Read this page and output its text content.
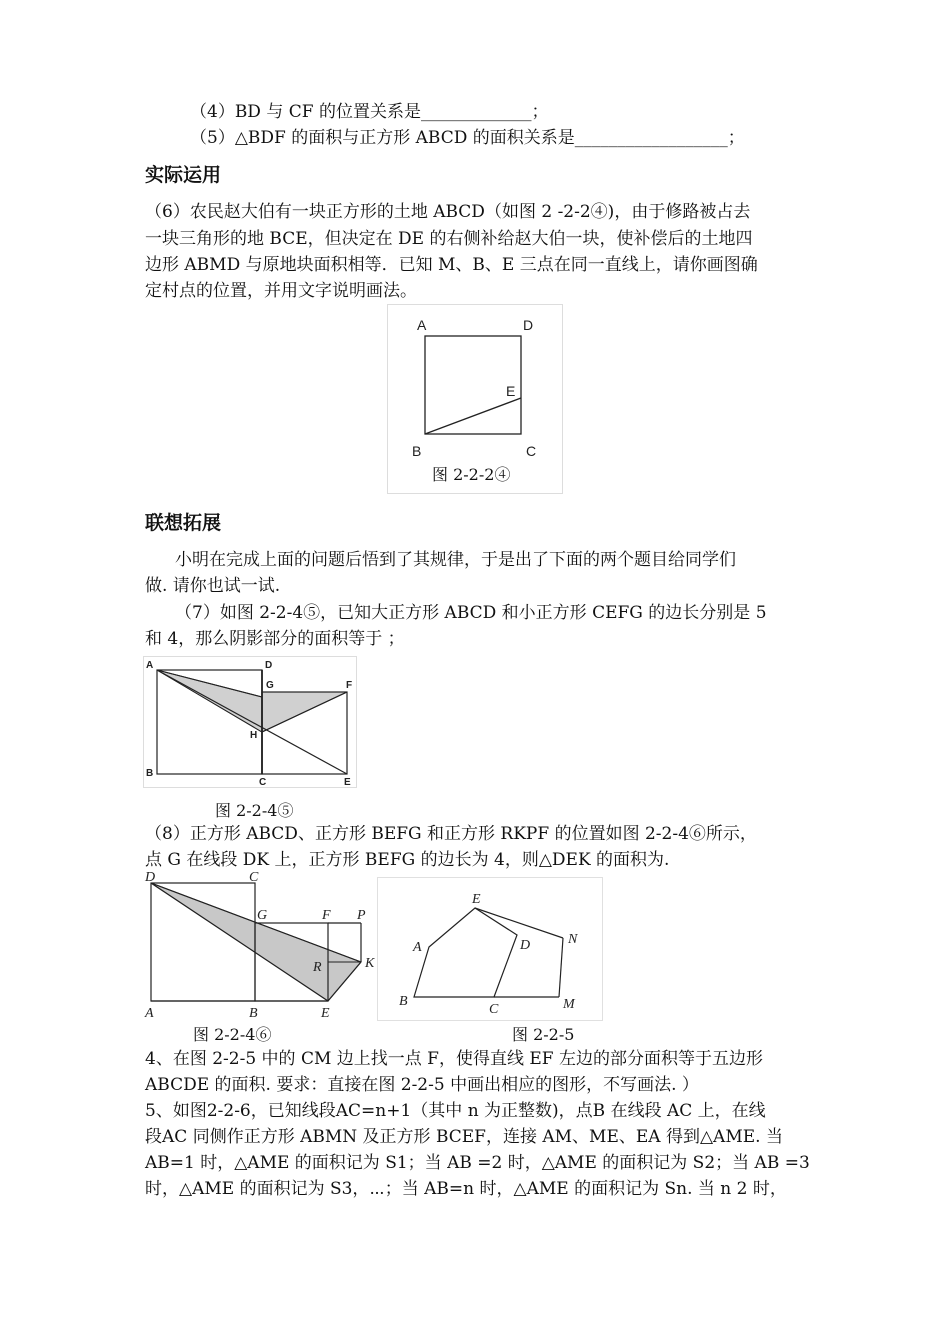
（4）BD 与 CF 的位置关系是_____________；
（5）△BDF 的面积与正方形 ABCD 的面积关系是__________________；
实际运用
（6）农民赵大伯有一块正方形的土地 ABCD（如图 2 -2-2④)，由于修路被占去
一块三角形的地 BCE，但决定在 DE 的右侧补给赵大伯一块，使补偿后的土地四
边形 ABMD 与原地块面积相等．已知 M、B、E 三点在同一直线上，请你画图确
定村点的位置，并用文字说明画法。
A	D
E
B	C
图 2-2-2④
联想拓展
小明在完成上面的问题后悟到了其规律，于是出了下面的两个题目给同学们
做. 请你也试一试.
（7）如图 2-2-4⑤，已知大正方形 ABCD 和小正方形 CEFG 的边长分别是 5
和 4，那么阴影部分的面积等于 ；
A	D
G	F
H
B
C	E
图 2-2-4⑤
（8）正方形 ABCD、正方形 BEFG 和正方形 RKPF 的位置如图 2-2-4⑥所示，
点 G 在线段 DK 上，正方形 BEFG 的边长为 4，则△DEK 的面积为.
D	C
G	F P
R	K
A	B	E
图 2-2-4⑥
E
A	D	N
B
C	M
图 2-2-5
4、在图 2-2-5 中的 CM 边上找一点 F，使得直线 EF 左边的部分面积等于五边形
ABCDE 的面积. 要求：直接在图 2-2-5 中画出相应的图形，不写画法. ）
5、如图2-2-6，已知线段AC=n+1（其中 n 为正整数)，点B 在线段 AC 上，在线
段AC 同侧作正方形 ABMN 及正方形 BCEF，连接 AM、ME、EA 得到△AME. 当
AB=1 时，△AME 的面积记为 S1；当 AB =2 时，△AME 的面积记为 S2；当 AB =3
时，△AME 的面积记为 S3，⋯；当 AB=n 时，△AME 的面积记为 Sn. 当 n 2 时，
